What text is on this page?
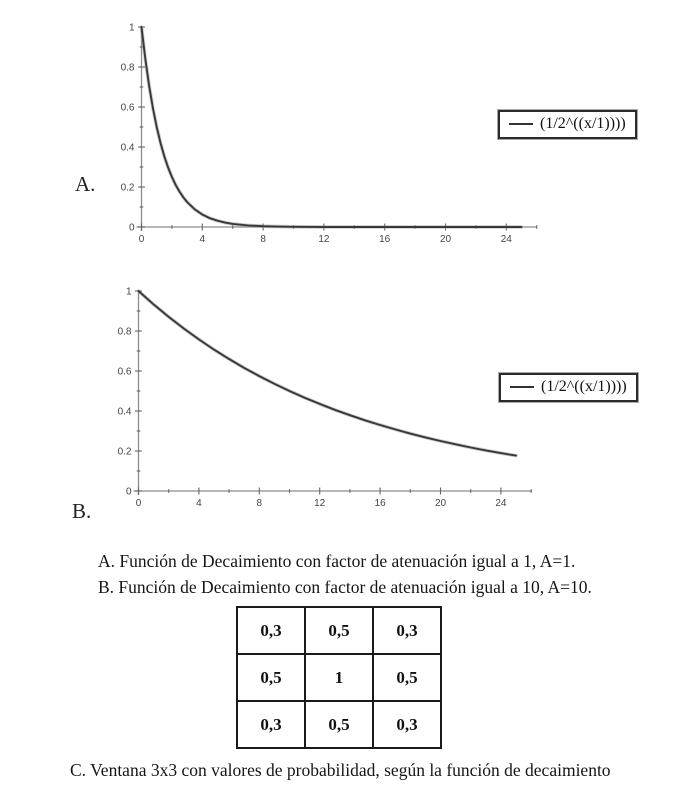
A.
0	4	8	12	16	20	24
0
0.2
0.4
0.6
0.8
1
(1/2^((x/1))))
B.	0	4	8	12	16	20	24
0
0.2
0.4
0.6
0.8
1
(1/2^((x/1))))
A. Función de Decaimiento con factor de atenuación igual a 1, A=1.
B. Función de Decaimiento con factor de atenuación igual a 10, A=10.
0,3	0,5	0,3
0,5	1	0,5
0,3	0,5	0,3
C. Ventana 3x3 con valores de probabilidad, según la función de decaimiento
